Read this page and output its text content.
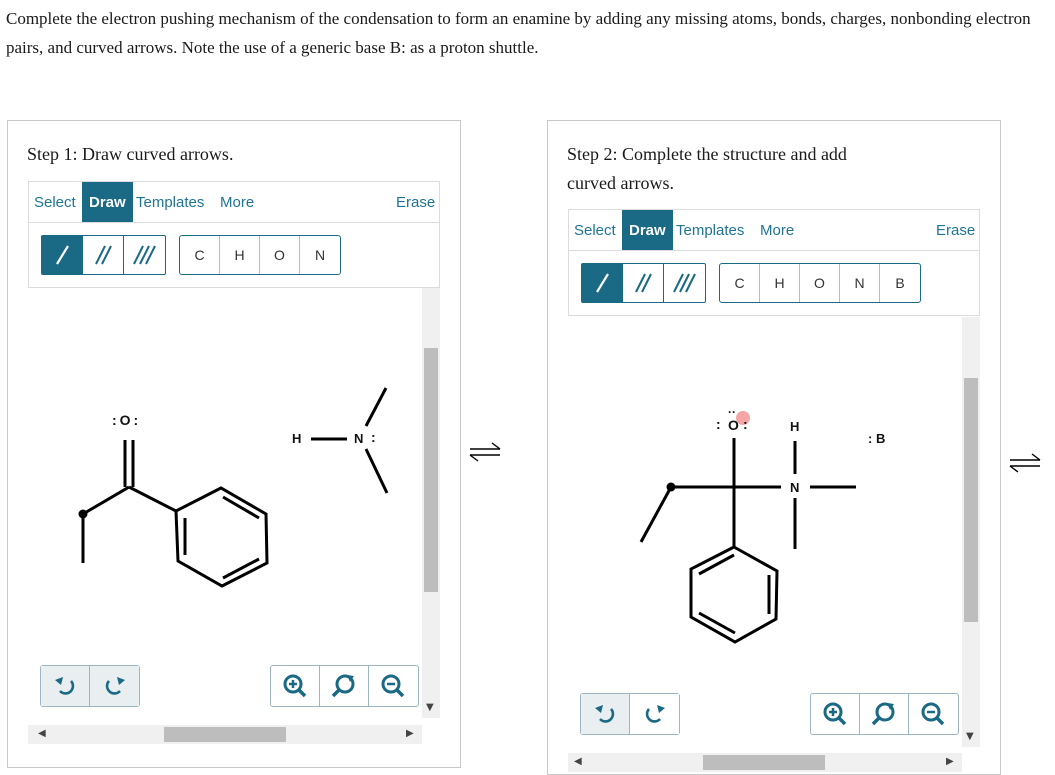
Complete the electron pushing mechanism of the condensation to form an enamine by adding any missing atoms, bonds, charges, nonbonding electron pairs, and curved arrows. Note the use of a generic base B: as a proton shuttle.

Step 1: Draw curved arrows.
Select Draw Templates More	Erase
C	H	O	N
:O:
H	N :
▼
◀	▶
Step 2: Complete the structure and add curved arrows.
Select Draw Templates More	Erase
C	H	O	N	B
O
: :
··
H
N
: B
▼
◀	▶
